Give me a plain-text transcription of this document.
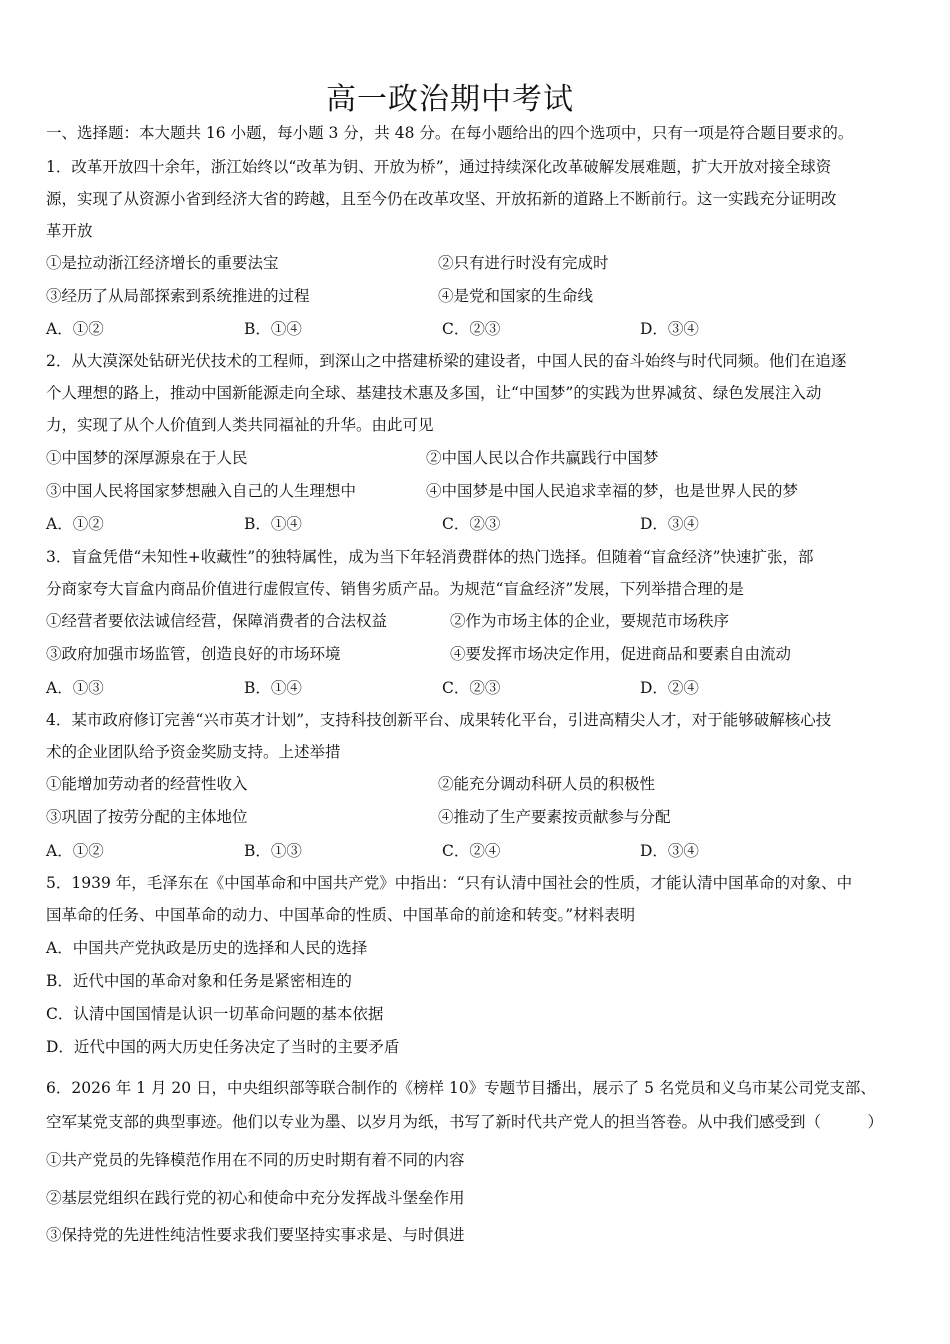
高一政治期中考试
一、选择题：本大题共 16 小题，每小题 3 分，共 48 分。在每小题给出的四个选项中，只有一项是符合题目要求的。
1．改革开放四十余年，浙江始终以“改革为钥、开放为桥”，通过持续深化改革破解发展难题，扩大开放对接全球资
源，实现了从资源小省到经济大省的跨越，且至今仍在改革攻坚、开放拓新的道路上不断前行。这一实践充分证明改
革开放
①是拉动浙江经济增长的重要法宝	②只有进行时没有完成时
③经历了从局部探索到系统推进的过程	④是党和国家的生命线
A．①②	B．①④	C．②③	D．③④
2．从大漠深处钻研光伏技术的工程师，到深山之中搭建桥梁的建设者，中国人民的奋斗始终与时代同频。他们在追逐
个人理想的路上，推动中国新能源走向全球、基建技术惠及多国，让“中国梦”的实践为世界减贫、绿色发展注入动
力，实现了从个人价值到人类共同福祉的升华。由此可见
①中国梦的深厚源泉在于人民	②中国人民以合作共赢践行中国梦
③中国人民将国家梦想融入自己的人生理想中	④中国梦是中国人民追求幸福的梦，也是世界人民的梦
A．①②	B．①④	C．②③	D．③④
3．盲盒凭借“未知性+收藏性”的独特属性，成为当下年轻消费群体的热门选择。但随着“盲盒经济”快速扩张，部
分商家夸大盲盒内商品价值进行虚假宣传、销售劣质产品。为规范“盲盒经济”发展，下列举措合理的是
①经营者要依法诚信经营，保障消费者的合法权益	②作为市场主体的企业，要规范市场秩序
③政府加强市场监管，创造良好的市场环境	④要发挥市场决定作用，促进商品和要素自由流动
A．①③	B．①④	C．②③	D．②④
4．某市政府修订完善“兴市英才计划”，支持科技创新平台、成果转化平台，引进高精尖人才，对于能够破解核心技
术的企业团队给予资金奖励支持。上述举措
①能增加劳动者的经营性收入	②能充分调动科研人员的积极性
③巩固了按劳分配的主体地位	④推动了生产要素按贡献参与分配
A．①②	B．①③	C．②④	D．③④
5．1939 年，毛泽东在《中国革命和中国共产党》中指出：“只有认清中国社会的性质，才能认清中国革命的对象、中
国革命的任务、中国革命的动力、中国革命的性质、中国革命的前途和转变。”材料表明
A．中国共产党执政是历史的选择和人民的选择
B．近代中国的革命对象和任务是紧密相连的
C．认清中国国情是认识一切革命问题的基本依据
D．近代中国的两大历史任务决定了当时的主要矛盾
6．2026 年 1 月 20 日，中央组织部等联合制作的《榜样 10》专题节目播出，展示了 5 名党员和义乌市某公司党支部、
空军某党支部的典型事迹。他们以专业为墨、以岁月为纸，书写了新时代共产党人的担当答卷。从中我们感受到（　　　）
①共产党员的先锋模范作用在不同的历史时期有着不同的内容
②基层党组织在践行党的初心和使命中充分发挥战斗堡垒作用
③保持党的先进性纯洁性要求我们要坚持实事求是、与时俱进
